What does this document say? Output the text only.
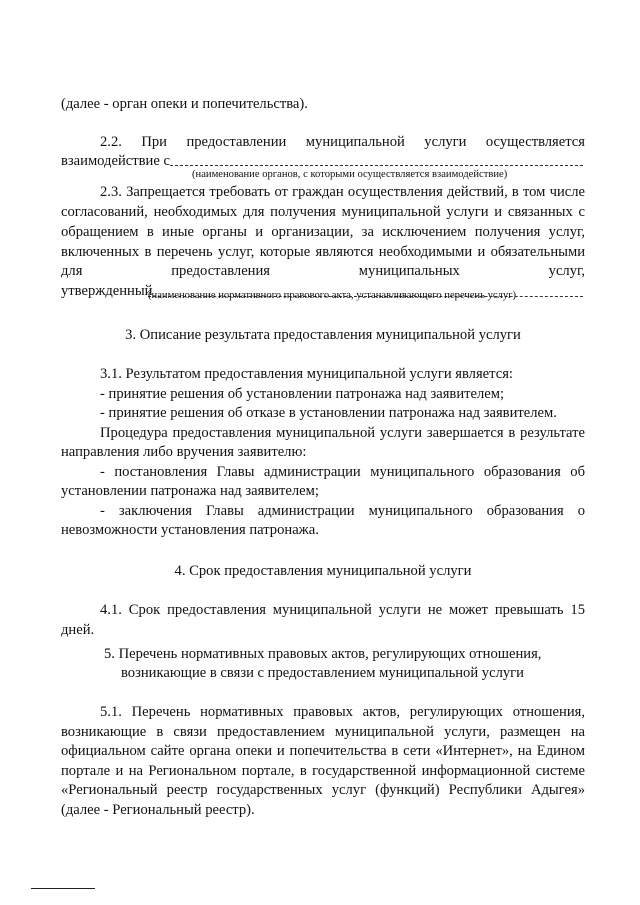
(далее - орган опеки и попечительства).
2.2.    При    предоставлении    муниципальной    услуги    осуществляется
взаимодействие с
(наименование органов, с которыми осуществляется взаимодействие)
2.3. Запрещается требовать от граждан осуществления действий, в том числе
согласований, необходимых для получения муниципальной услуги и связанных с
обращением в иные органы и организации, за исключением получения услуг,
включенных в перечень услуг, которые являются необходимыми и обязательными
для предоставления муниципальных услуг,
утвержденный
(наименование нормативного правового акта, устанавливающего перечень услуг)
3. Описание результата предоставления муниципальной услуги
3.1. Результатом предоставления муниципальной услуги является:
- принятие решения об установлении патронажа над заявителем;
- принятие решения об отказе в установлении патронажа над заявителем.
Процедура предоставления муниципальной услуги завершается в результате
направления либо вручения заявителю:
- постановления Главы администрации муниципального образования об
установлении патронажа над заявителем;
- заключения Главы администрации муниципального образования о
невозможности установления патронажа.
4. Срок предоставления муниципальной услуги
4.1. Срок предоставления муниципальной услуги не может превышать 15
дней.
5. Перечень нормативных правовых актов, регулирующих отношения,
возникающие в связи с предоставлением муниципальной услуги
5.1. Перечень нормативных правовых актов, регулирующих отношения,
возникающие в связи предоставлением муниципальной услуги, размещен на
официальном сайте органа опеки и попечительства в сети «Интернет», на Едином
портале и на Региональном портале, в государственной информационной системе
«Региональный реестр государственных услуг (функций) Республики Адыгея»
(далее - Региональный реестр).
